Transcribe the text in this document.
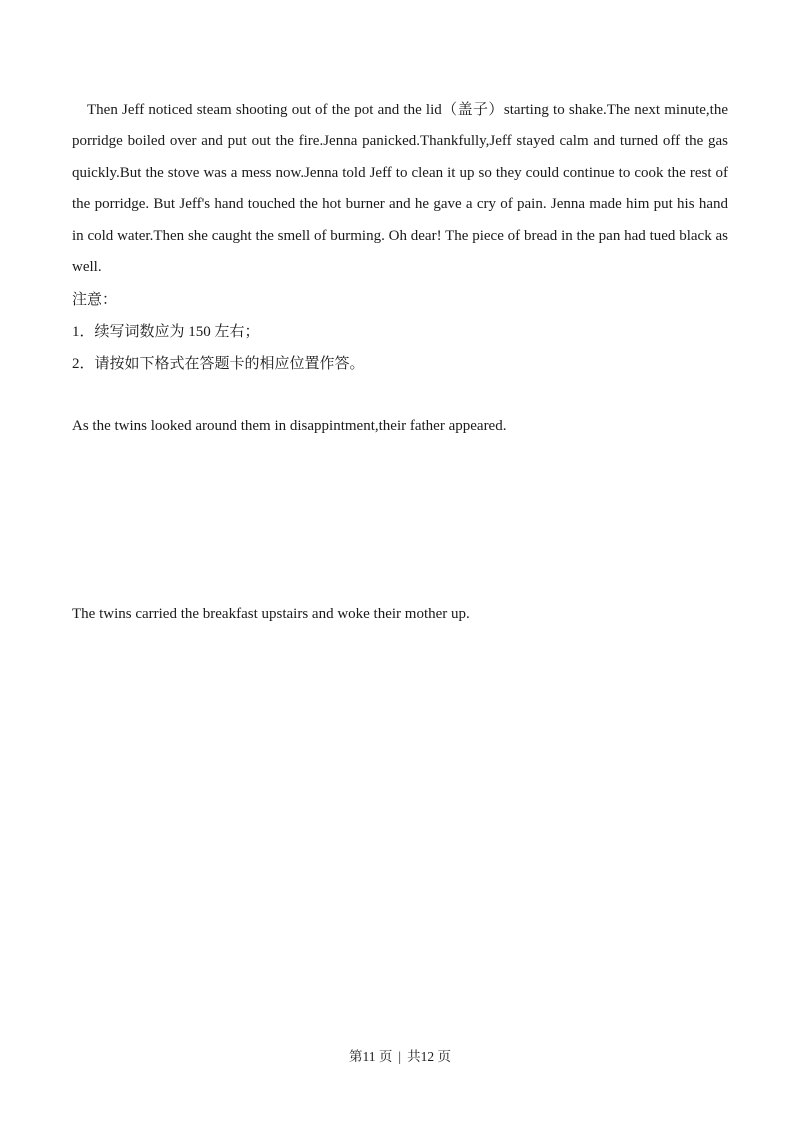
Then Jeff noticed steam shooting out of the pot and the lid（盖子）starting to shake.The next minute,the porridge boiled over and put out the fire.Jenna panicked.Thankfully,Jeff stayed calm and turned off the gas quickly.But the stove was a mess now.Jenna told Jeff to clean it up so they could continue to cook the rest of the porridge. But Jeff's hand touched the hot burner and he gave a cry of pain. Jenna made him put his hand in cold water.Then she caught the smell of burming. Oh dear! The piece of bread in the pan had tued black as well.

注意：

1．续写词数应为 150 左右；

2．请按如下格式在答题卡的相应位置作答。

As the twins looked around them in disappintment,their father appeared.

The twins carried the breakfast upstairs and woke their mother up.

第11 页 | 共12 页
